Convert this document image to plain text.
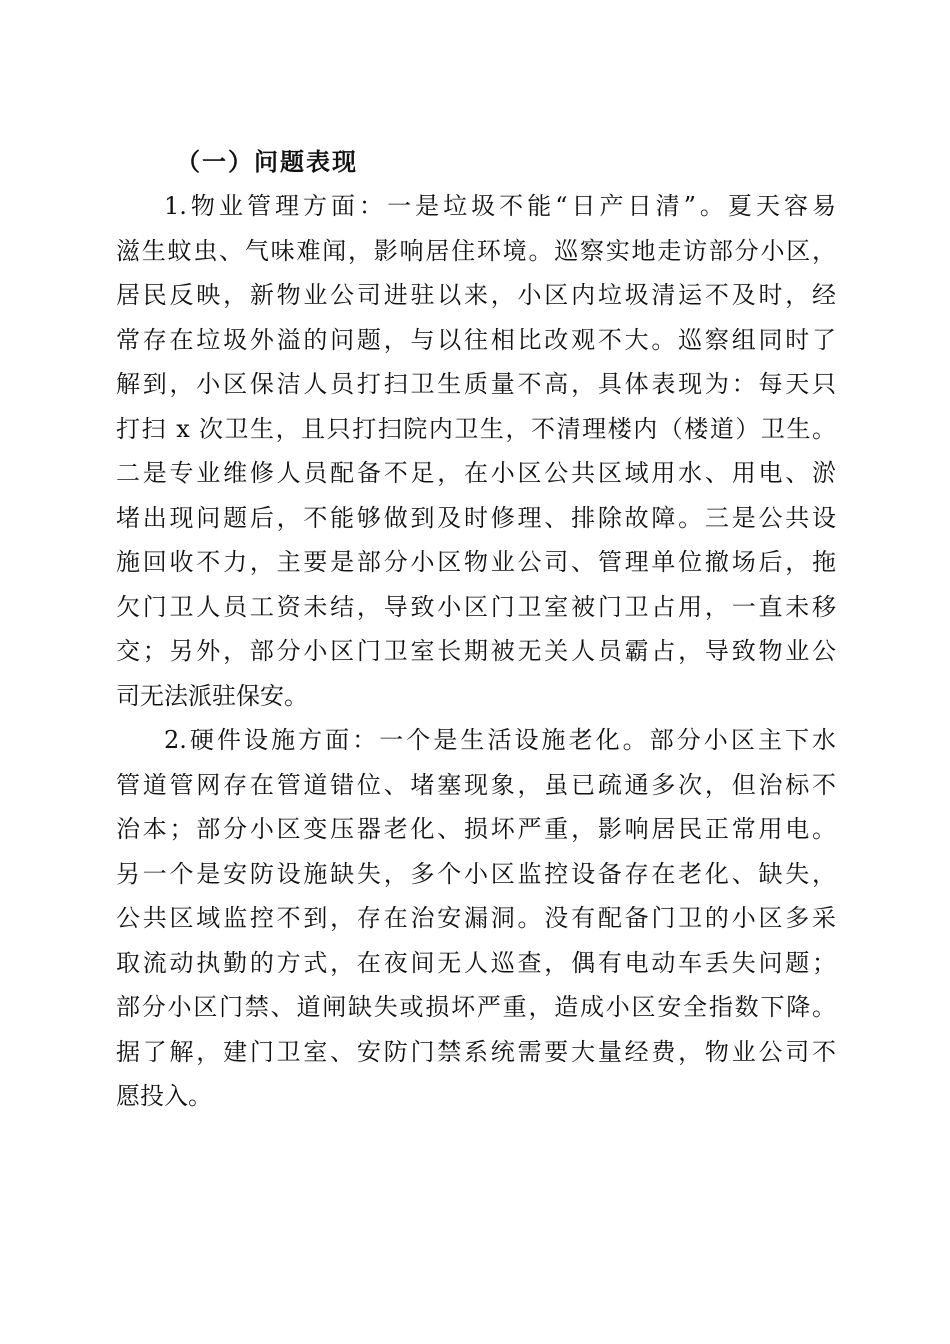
（一）问题表现

1.物业管理方面：一是垃圾不能“日产日清”。夏天容易
滋生蚊虫、气味难闻，影响居住环境。巡察实地走访部分小区，
居民反映，新物业公司进驻以来，小区内垃圾清运不及时，经
常存在垃圾外溢的问题，与以往相比改观不大。巡察组同时了
解到，小区保洁人员打扫卫生质量不高，具体表现为：每天只
打扫 x 次卫生，且只打扫院内卫生，不清理楼内（楼道）卫生。
二是专业维修人员配备不足，在小区公共区域用水、用电、淤
堵出现问题后，不能够做到及时修理、排除故障。三是公共设
施回收不力，主要是部分小区物业公司、管理单位撤场后，拖
欠门卫人员工资未结，导致小区门卫室被门卫占用，一直未移
交；另外，部分小区门卫室长期被无关人员霸占，导致物业公
司无法派驻保安。
2.硬件设施方面：一个是生活设施老化。部分小区主下水
管道管网存在管道错位、堵塞现象，虽已疏通多次，但治标不
治本；部分小区变压器老化、损坏严重，影响居民正常用电。
另一个是安防设施缺失，多个小区监控设备存在老化、缺失，
公共区域监控不到，存在治安漏洞。没有配备门卫的小区多采
取流动执勤的方式，在夜间无人巡查，偶有电动车丢失问题；
部分小区门禁、道闸缺失或损坏严重，造成小区安全指数下降。
据了解，建门卫室、安防门禁系统需要大量经费，物业公司不
愿投入。
